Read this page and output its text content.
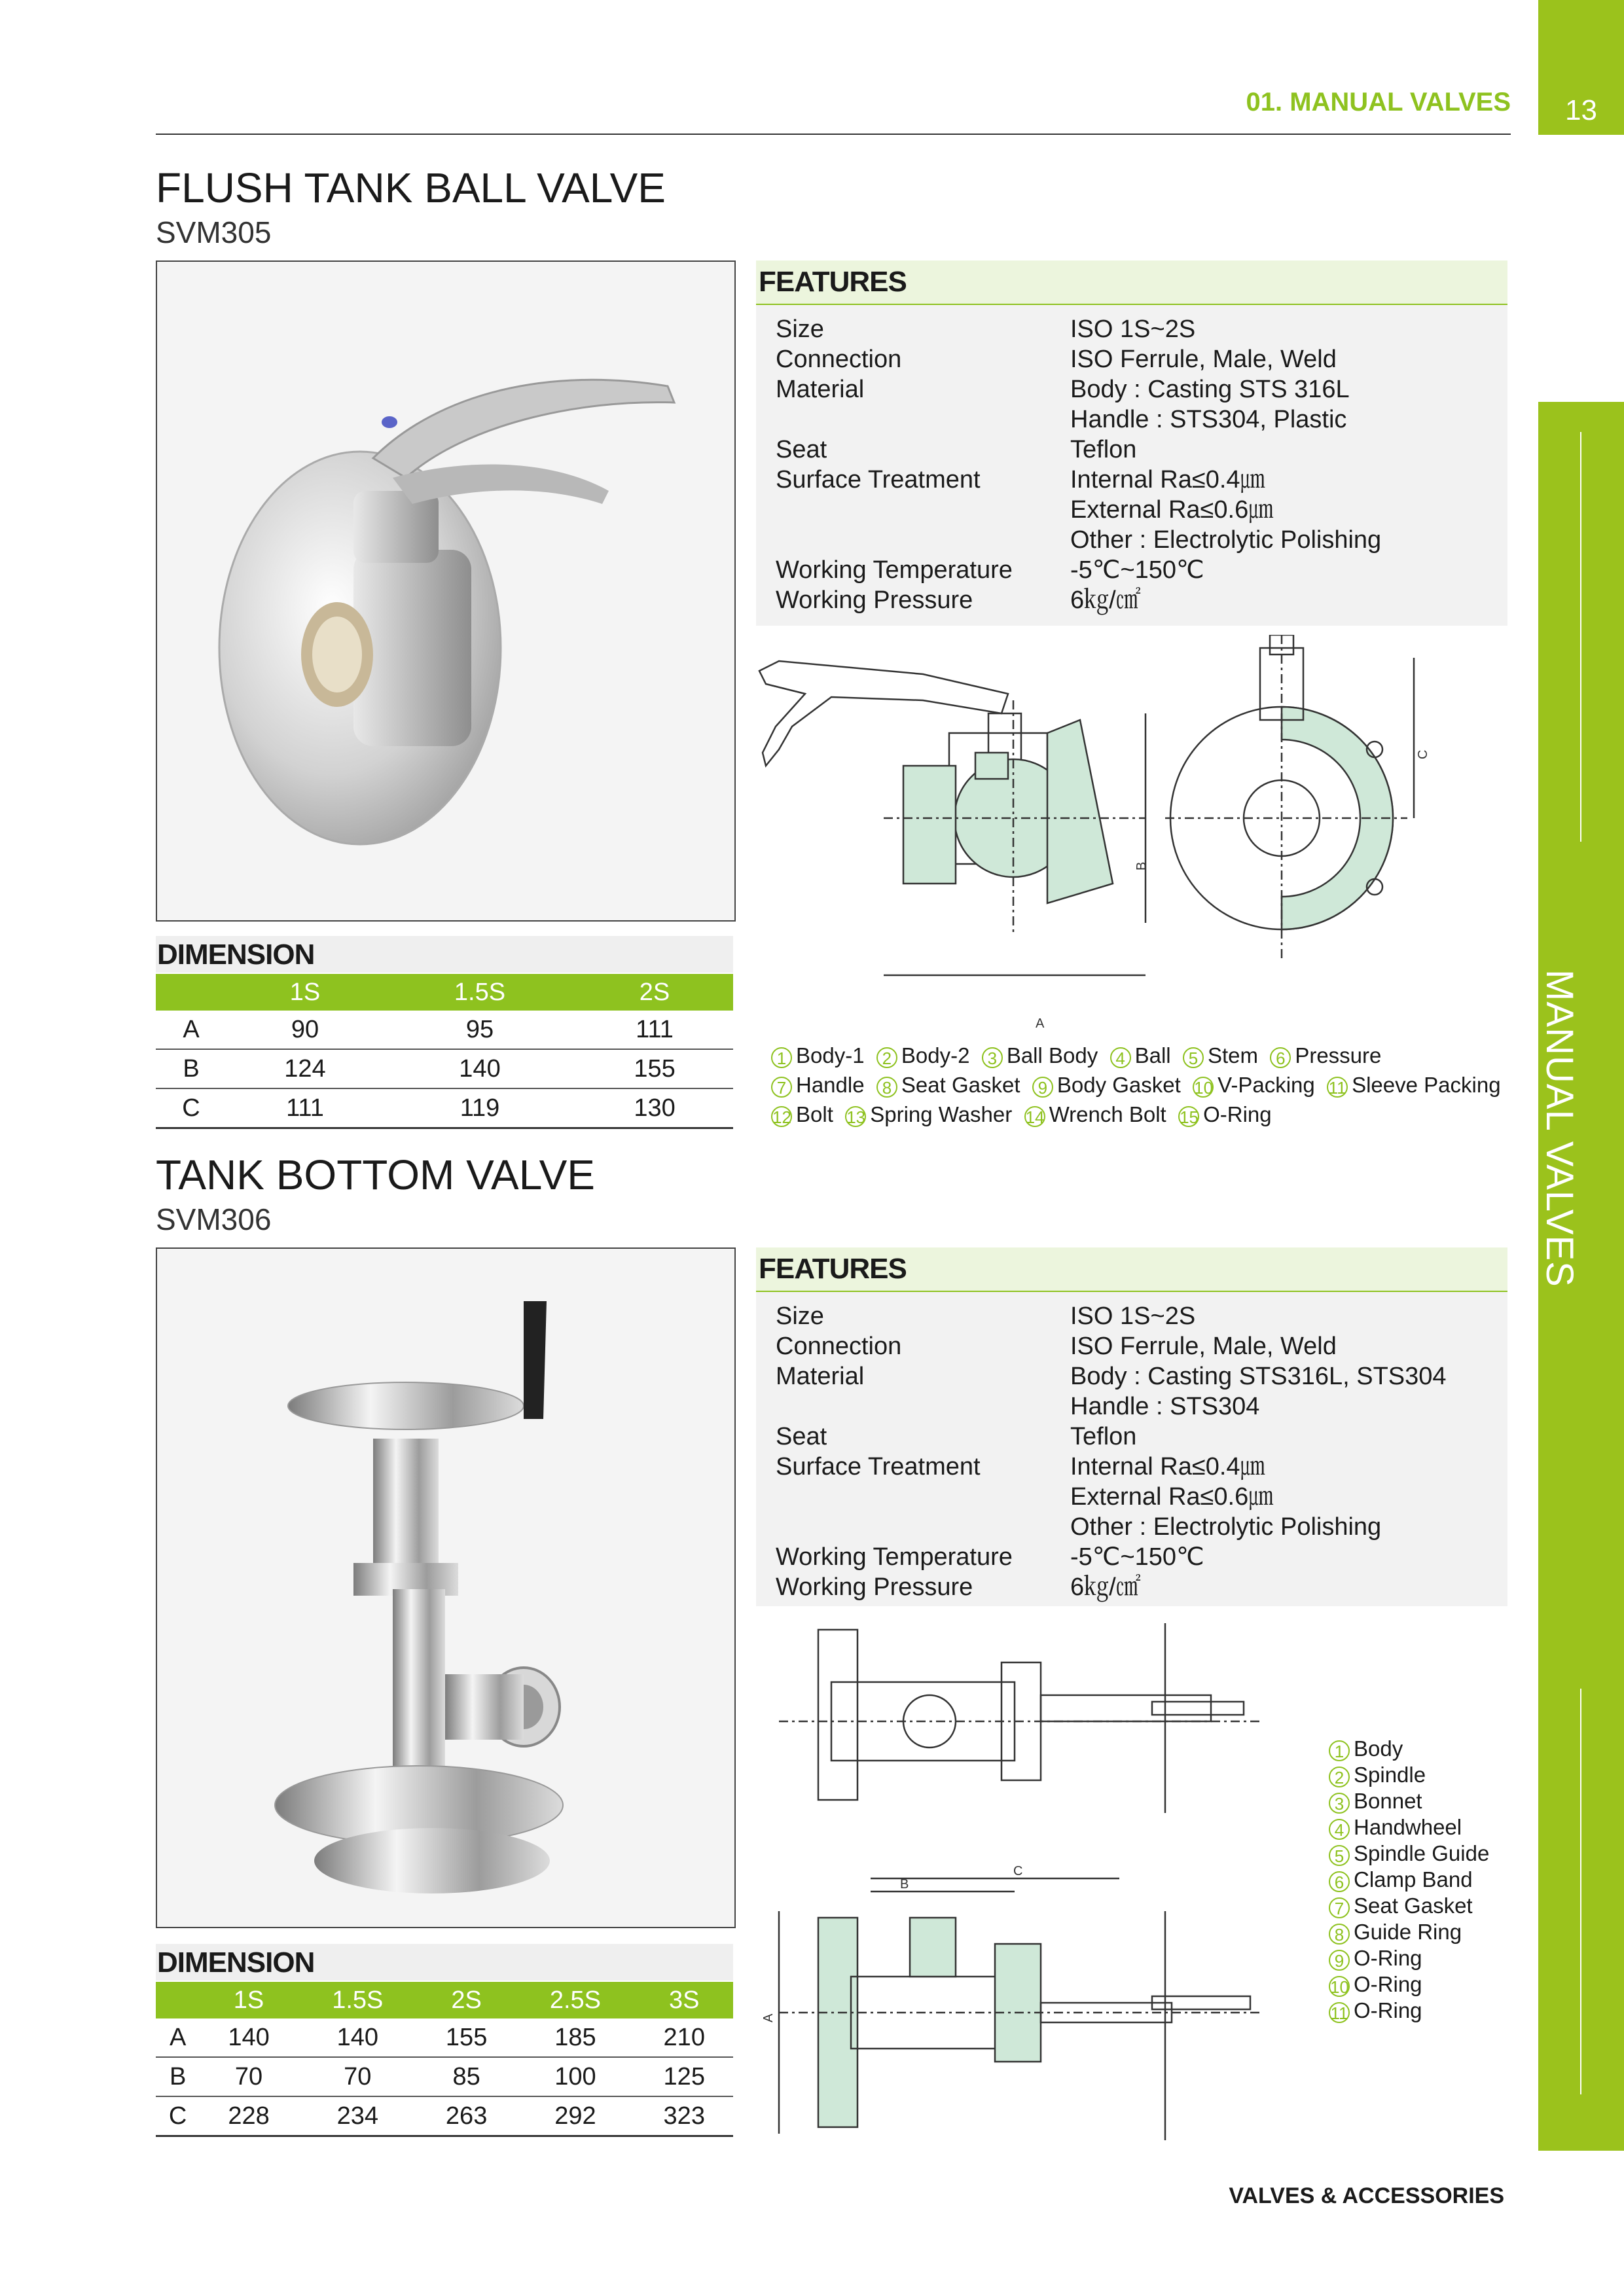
01. MANUAL VALVES	13
MANUAL VALVES
FLUSH TANK BALL VALVE
SVM305
FEATURES
Size	ISO 1S~2S
Connection	ISO Ferrule, Male, Weld
Material	Body : Casting STS 316L
Handle : STS304, Plastic
Seat	Teflon
Surface Treatment	Internal Ra≤0.4㎛
External Ra≤0.6㎛
Other : Electrolytic Polishing
Working Temperature	-5℃~150℃
Working Pressure	6㎏/㎠
A
B
C
1 Body-1 2 Body-2 3 Ball Body 4 Ball 5 Stem 6 Pressure
7 Handle 8 Seat Gasket 9 Body Gasket 10 V-Packing 11 Sleeve Packing
12 Bolt 13 Spring Washer 14 Wrench Bolt 15 O-Ring
DIMENSION
	1S	1.5S	2S
A	90	95	111
B	124	140	155
C	111	119	130
TANK BOTTOM VALVE
SVM306
FEATURES
Size	ISO 1S~2S
Connection	ISO Ferrule, Male, Weld
Material	Body : Casting STS316L, STS304
Handle : STS304
Seat	Teflon
Surface Treatment	Internal Ra≤0.4㎛
External Ra≤0.6㎛
Other : Electrolytic Polishing
Working Temperature	-5℃~150℃
Working Pressure	6㎏/㎠
A
B
C
1 Body
2 Spindle
3 Bonnet
4 Handwheel
5 Spindle Guide
6 Clamp Band
7 Seat Gasket
8 Guide Ring
9 O-Ring
10 O-Ring
11 O-Ring
DIMENSION
	1S	1.5S	2S	2.5S	3S
A	140	140	155	185	210
B	70	70	85	100	125
C	228	234	263	292	323
VALVES & ACCESSORIES
